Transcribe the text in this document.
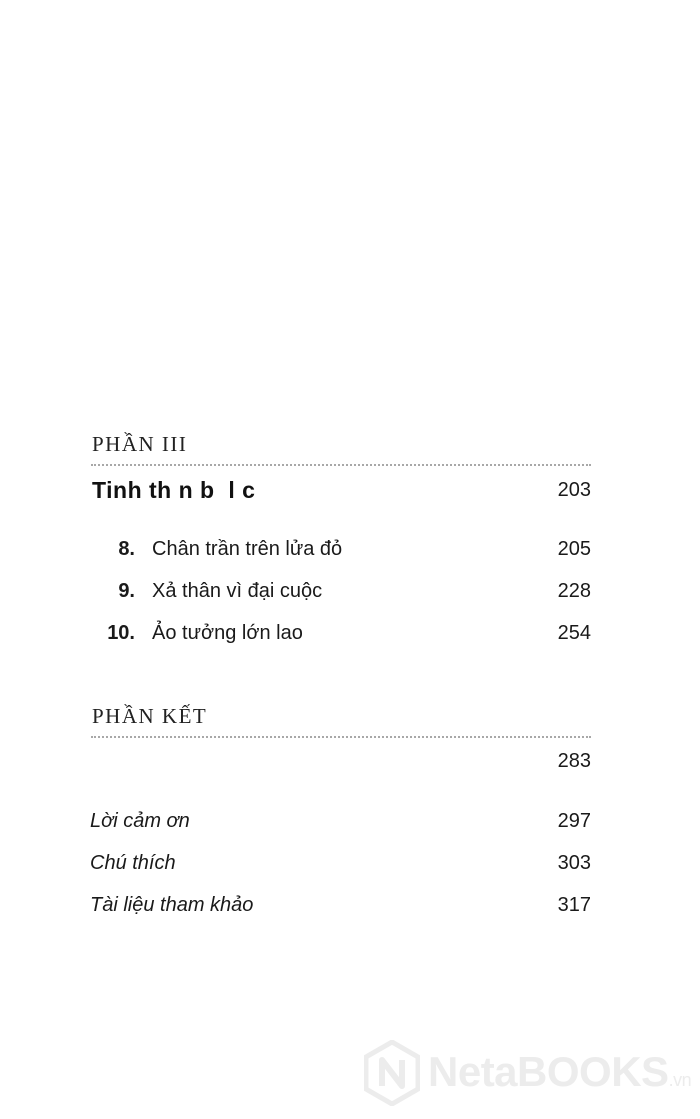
PHẦN III
Tinh th n b  l c	203
8. Chân trần trên lửa đỏ	205
9. Xả thân vì đại cuộc	228
10. Ảo tưởng lớn lao	254
PHẦN KẾT
283
Lời cảm ơn	297
Chú thích	303
Tài liệu tham khảo	317
NetaBOOKS.vn
